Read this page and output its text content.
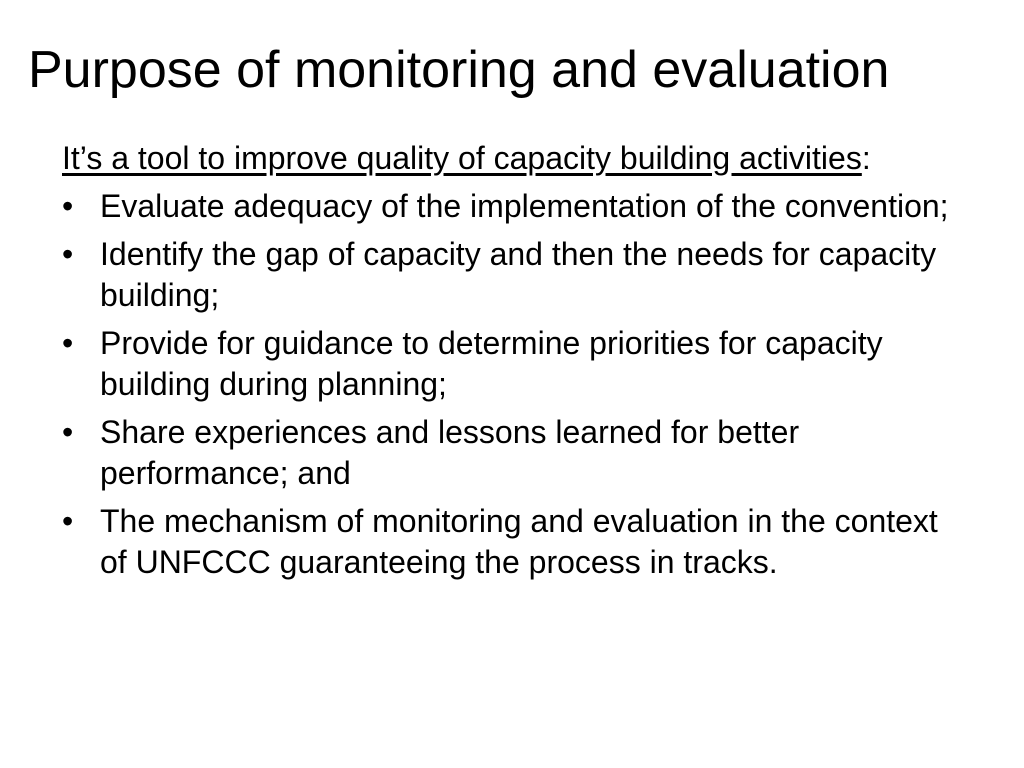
Purpose of monitoring and evaluation

It’s a tool to improve quality of capacity building activities:

• Evaluate adequacy of the implementation of the convention;
• Identify the gap of capacity and then the needs for capacity building;
• Provide for guidance to determine priorities for capacity building during planning;
• Share experiences and lessons learned for better performance; and
• The mechanism of monitoring and evaluation in the context of UNFCCC guaranteeing the process in tracks.
